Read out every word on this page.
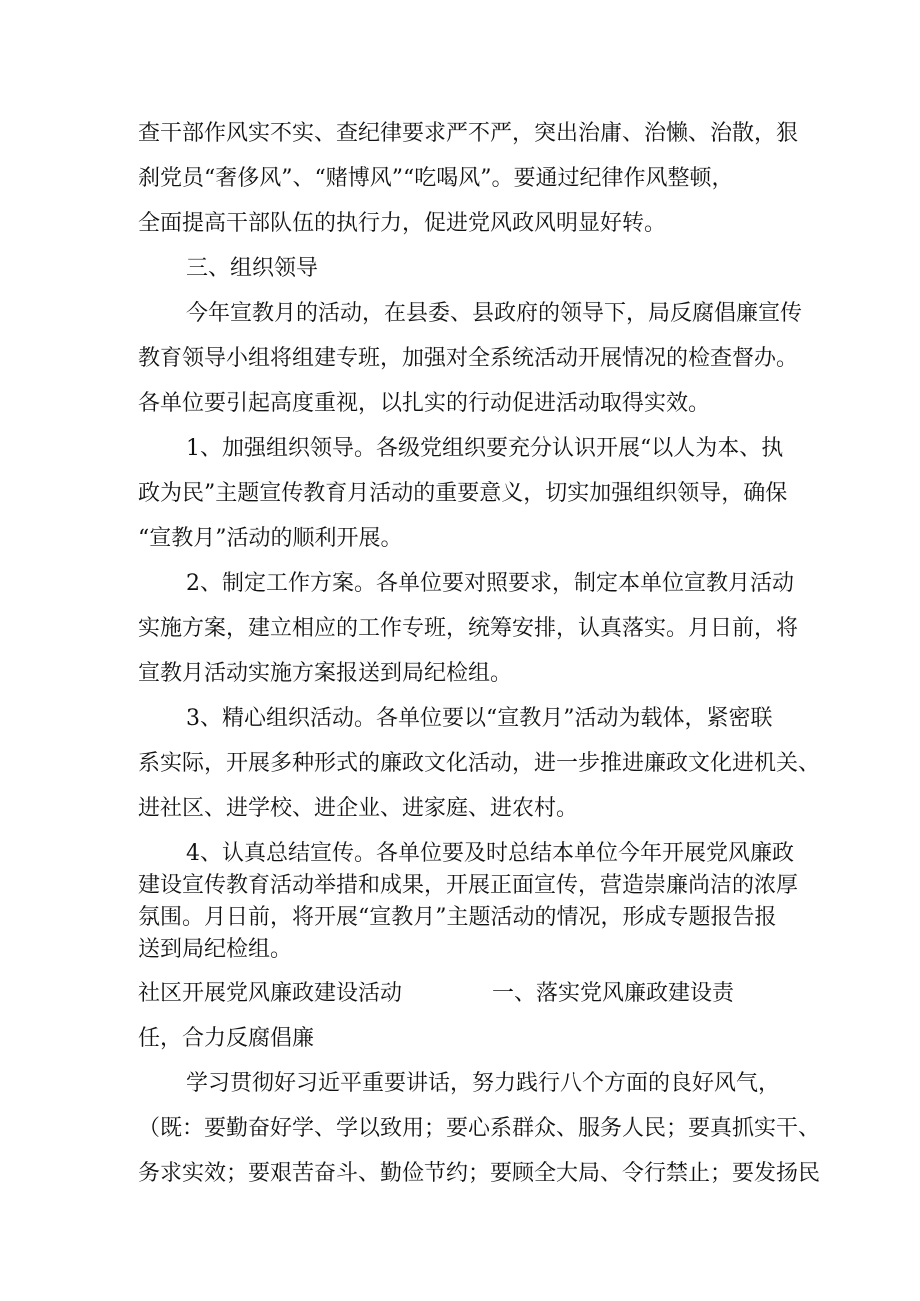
查干部作风实不实、查纪律要求严不严，突出治庸、治懒、治散，狠
刹党员“奢侈风”、“赌博风”“吃喝风”。要通过纪律作风整顿，
全面提高干部队伍的执行力，促进党风政风明显好转。
三、组织领导
今年宣教月的活动，在县委、县政府的领导下，局反腐倡廉宣传
教育领导小组将组建专班，加强对全系统活动开展情况的检查督办。
各单位要引起高度重视，以扎实的行动促进活动取得实效。
1、加强组织领导。各级党组织要充分认识开展“以人为本、执
政为民”主题宣传教育月活动的重要意义，切实加强组织领导，确保
“宣教月”活动的顺利开展。
2、制定工作方案。各单位要对照要求，制定本单位宣教月活动
实施方案，建立相应的工作专班，统筹安排，认真落实。月日前，将
宣教月活动实施方案报送到局纪检组。
3、精心组织活动。各单位要以“宣教月”活动为载体，紧密联
系实际，开展多种形式的廉政文化活动，进一步推进廉政文化进机关、
进社区、进学校、进企业、进家庭、进农村。
4、认真总结宣传。各单位要及时总结本单位今年开展党风廉政
建设宣传教育活动举措和成果，开展正面宣传，营造崇廉尚洁的浓厚
氛围。月日前，将开展“宣教月”主题活动的情况，形成专题报告报
送到局纪检组。
社区开展党风廉政建设活动	一、落实党风廉政建设责
任，合力反腐倡廉
学习贯彻好习近平重要讲话，努力践行八个方面的良好风气，
（既：要勤奋好学、学以致用；要心系群众、服务人民；要真抓实干、
务求实效；要艰苦奋斗、勤俭节约；要顾全大局、令行禁止；要发扬民
